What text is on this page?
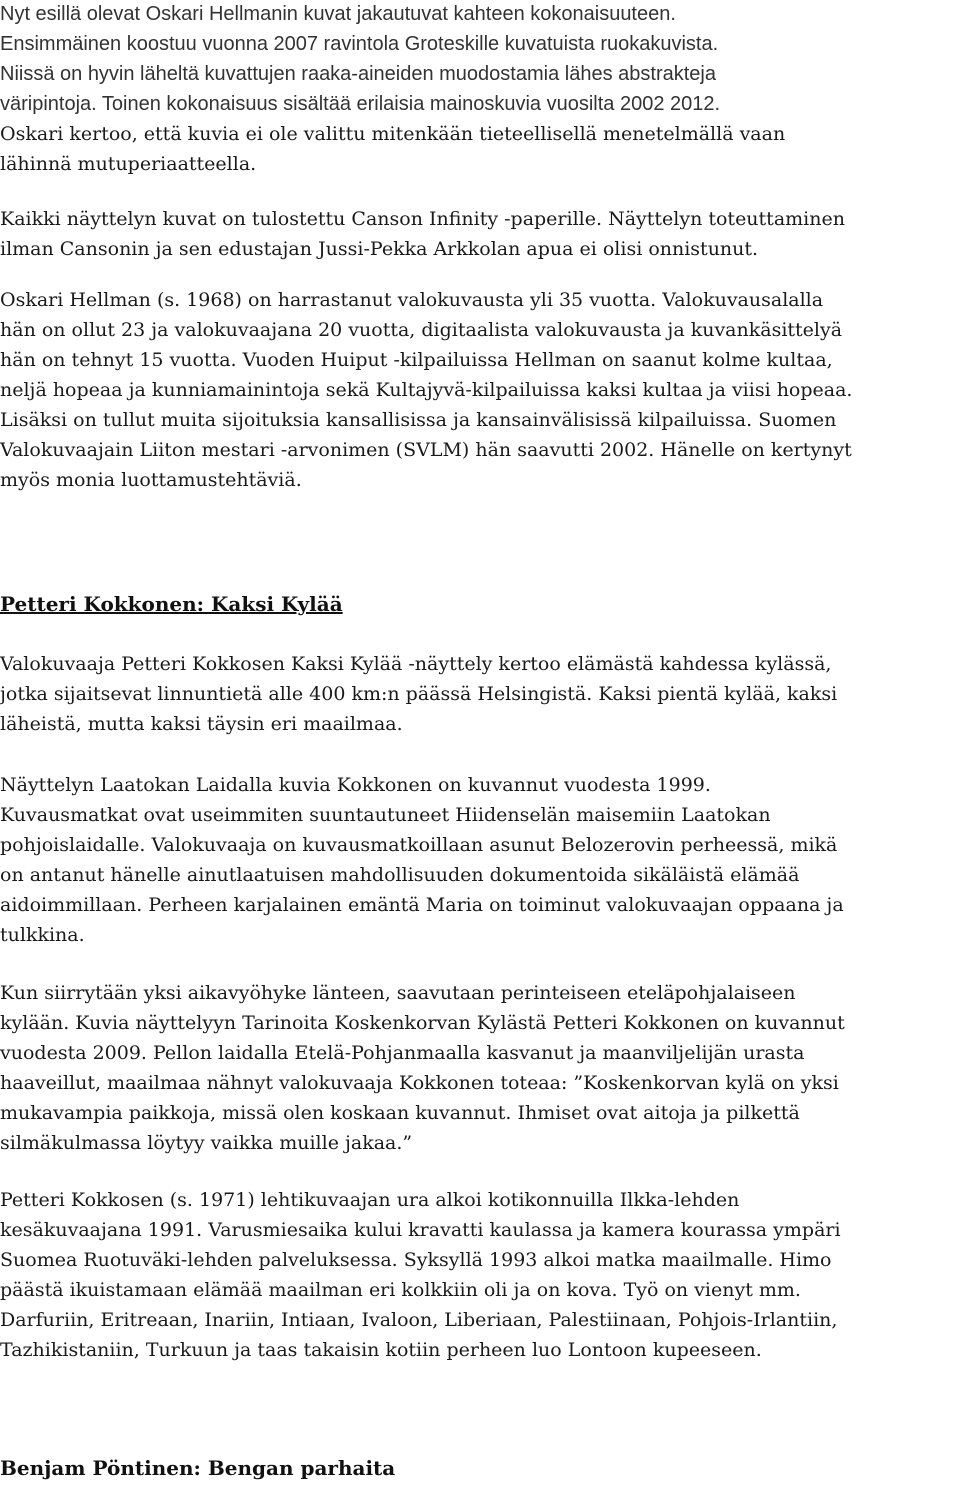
Nyt esillä olevat Oskari Hellmanin kuvat jakautuvat kahteen kokonaisuuteen.
Ensimmäinen koostuu vuonna 2007 ravintola Groteskille kuvatuista ruokakuvista.
Niissä on hyvin läheltä kuvattujen raaka-aineiden muodostamia lähes abstrakteja
väripintoja. Toinen kokonaisuus sisältää erilaisia mainoskuvia vuosilta 2002 2012.
Oskari kertoo, että kuvia ei ole valittu mitenkään tieteellisellä menetelmällä vaan
lähinnä mutuperiaatteella.
Kaikki näyttelyn kuvat on tulostettu Canson Infinity -paperille. Näyttelyn toteuttaminen
ilman Cansonin ja sen edustajan Jussi-Pekka Arkkolan apua ei olisi onnistunut.
Oskari Hellman (s. 1968) on harrastanut valokuvausta yli 35 vuotta. Valokuvausalalla
hän on ollut 23 ja valokuvaajana 20 vuotta, digitaalista valokuvausta ja kuvankäsittelyä
hän on tehnyt 15 vuotta. Vuoden Huiput -kilpailuissa Hellman on saanut kolme kultaa,
neljä hopeaa ja kunniamainintoja sekä Kultajyvä-kilpailuissa kaksi kultaa ja viisi hopeaa.
Lisäksi on tullut muita sijoituksia kansallisissa ja kansainvälisissä kilpailuissa. Suomen
Valokuvaajain Liiton mestari -arvonimen (SVLM) hän saavutti 2002. Hänelle on kertynyt
myös monia luottamustehtäviä.
Petteri Kokkonen: Kaksi Kylää
Valokuvaaja Petteri Kokkosen Kaksi Kylää -näyttely kertoo elämästä kahdessa kylässä,
jotka sijaitsevat linnuntietä alle 400 km:n päässä Helsingistä. Kaksi pientä kylää, kaksi
läheistä, mutta kaksi täysin eri maailmaa.
Näyttelyn Laatokan Laidalla kuvia Kokkonen on kuvannut vuodesta 1999.
Kuvausmatkat ovat useimmiten suuntautuneet Hiidenselän maisemiin Laatokan
pohjoislaidalle. Valokuvaaja on kuvausmatkoillaan asunut Belozerovin perheessä, mikä
on antanut hänelle ainutlaatuisen mahdollisuuden dokumentoida sikäläistä elämää
aidoimmillaan. Perheen karjalainen emäntä Maria on toiminut valokuvaajan oppaana ja
tulkkina.
Kun siirrytään yksi aikavyöhyke länteen, saavutaan perinteiseen eteläpohjalaiseen
kylään. Kuvia näyttelyyn Tarinoita Koskenkorvan Kylästä Petteri Kokkonen on kuvannut
vuodesta 2009. Pellon laidalla Etelä-Pohjanmaalla kasvanut ja maanviljelijän urasta
haaveillut, maailmaa nähnyt valokuvaaja Kokkonen toteaa: ”Koskenkorvan kylä on yksi
mukavampia paikkoja, missä olen koskaan kuvannut. Ihmiset ovat aitoja ja pilkettä
silmäkulmassa löytyy vaikka muille jakaa.”
Petteri Kokkosen (s. 1971) lehtikuvaajan ura alkoi kotikonnuilla Ilkka-lehden
kesäkuvaajana 1991. Varusmiesaika kului kravatti kaulassa ja kamera kourassa ympäri
Suomea Ruotuväki-lehden palveluksessa. Syksyllä 1993 alkoi matka maailmalle. Himo
päästä ikuistamaan elämää maailman eri kolkkiin oli ja on kova. Työ on vienyt mm.
Darfuriin, Eritreaan, Inariin, Intiaan, Ivaloon, Liberiaan, Palestiinaan, Pohjois-Irlantiin,
Tazhikistaniin, Turkuun ja taas takaisin kotiin perheen luo Lontoon kupeeseen.
Benjam Pöntinen: Bengan parhaita
